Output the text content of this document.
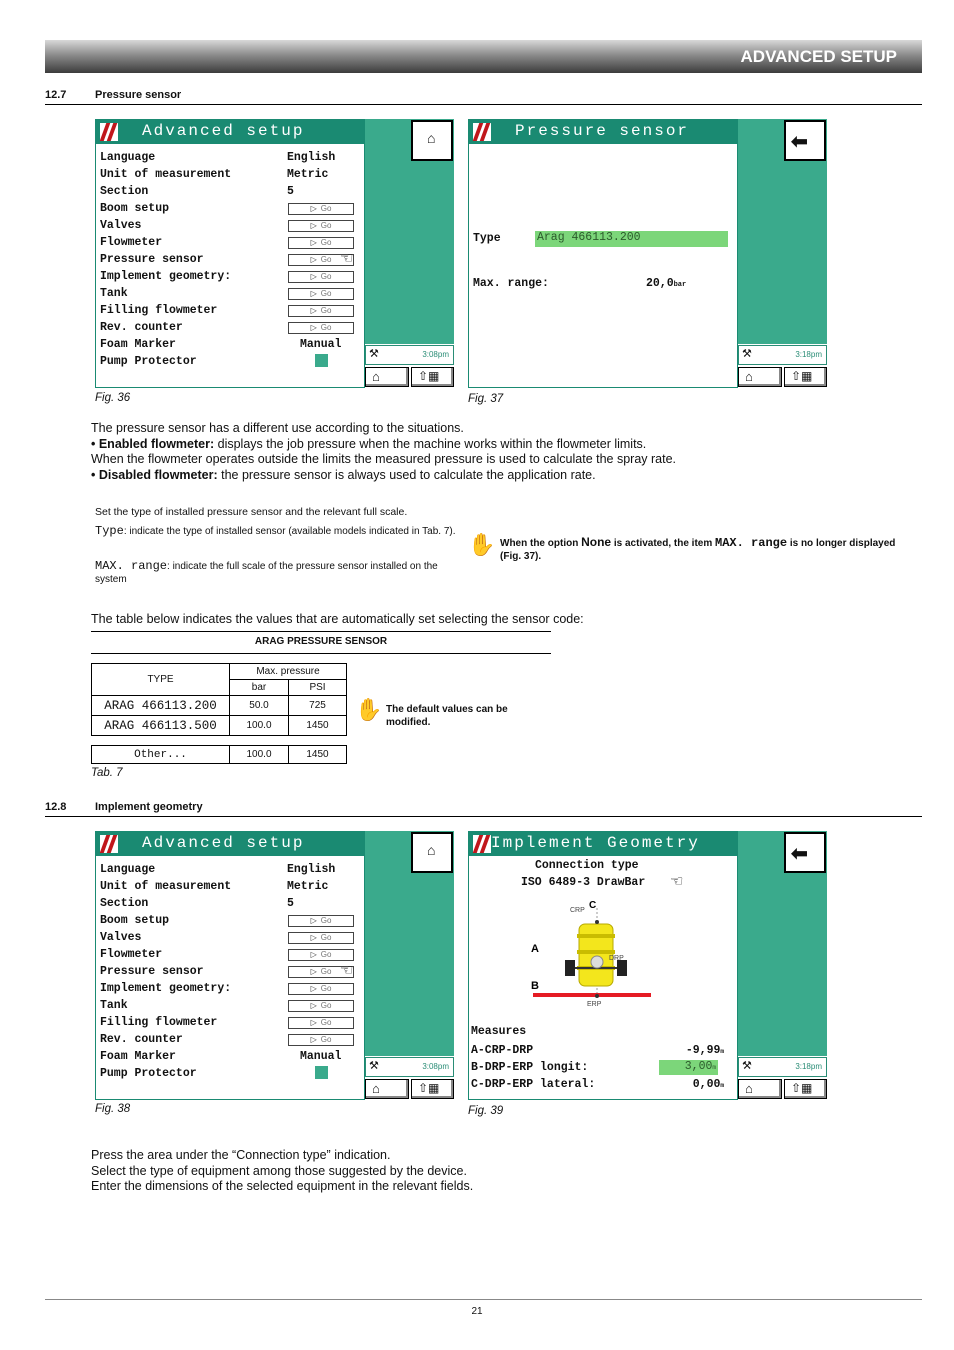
ADVANCED SETUP
12.7	Pressure sensor
Advanced setup
Language	English
Unit of measurement	Metric
Section	5
Boom setup	▷ Go
Valves	▷ Go
Flowmeter	▷ Go
Pressure sensor	▷ Go
Implement geometry:	▷ Go
Tank	▷ Go
Filling flowmeter	▷ Go
Rev. counter	▷ Go
Foam Marker	Manual
Pump Protector
☜
⌂
3:08pm
⚒
⌂	⇧▦
Fig. 36
Pressure sensor
Type	Arag 466113.200
Max. range:	20,0bar
⬅
3:18pm
⚒
⌂	⇧▦
Fig. 37
The pressure sensor has a different use according to the situations.
• Enabled flowmeter: displays the job pressure when the machine works within the flowmeter limits.
When the flowmeter operates outside the limits the measured pressure is used to calculate the spray rate.
• Disabled flowmeter: the pressure sensor is always used to calculate the application rate.
Set the type of installed pressure sensor and the relevant full scale.
Type: indicate the type of installed sensor (available models indicated in Tab. 7).
MAX. range: indicate the full scale of the pressure sensor installed on the system
✋ When the option None is activated, the item MAX. range is no longer displayed (Fig. 37).
The table below indicates the values that are automatically set selecting the sensor code:
ARAG PRESSURE SENSOR
TYPE	Max. pressure	
	bar	PSI
ARAG 466113.200	50.0	725
ARAG 466113.500	100.0	1450
Other...	100.0	1450
✋ The default values can be modified.
Tab. 7
12.8	Implement geometry
Advanced setup
Language	English
Unit of measurement	Metric
Section	5
Boom setup	▷ Go
Valves	▷ Go
Flowmeter	▷ Go
Pressure sensor	▷ Go
Implement geometry:	▷ Go
Tank	▷ Go
Filling flowmeter	▷ Go
Rev. counter	▷ Go
Foam Marker	Manual
Pump Protector
☜
⌂
3:08pm
⚒
⌂	⇧▦
Fig. 38
Implement Geometry
Connection type
ISO 6489-3 DrawBar ☜
CRP C
A
DRP
B
ERP
Measures
A-CRP-DRP	-9,99m
B-DRP-ERP longit:	3,00m
C-DRP-ERP lateral:	0,00m
⬅
3:18pm
⚒
⌂	⇧▦
Fig. 39
Press the area under the “Connection type” indication.
Select the type of equipment among those suggested by the device.
Enter the dimensions of the selected equipment in the relevant fields.
21
